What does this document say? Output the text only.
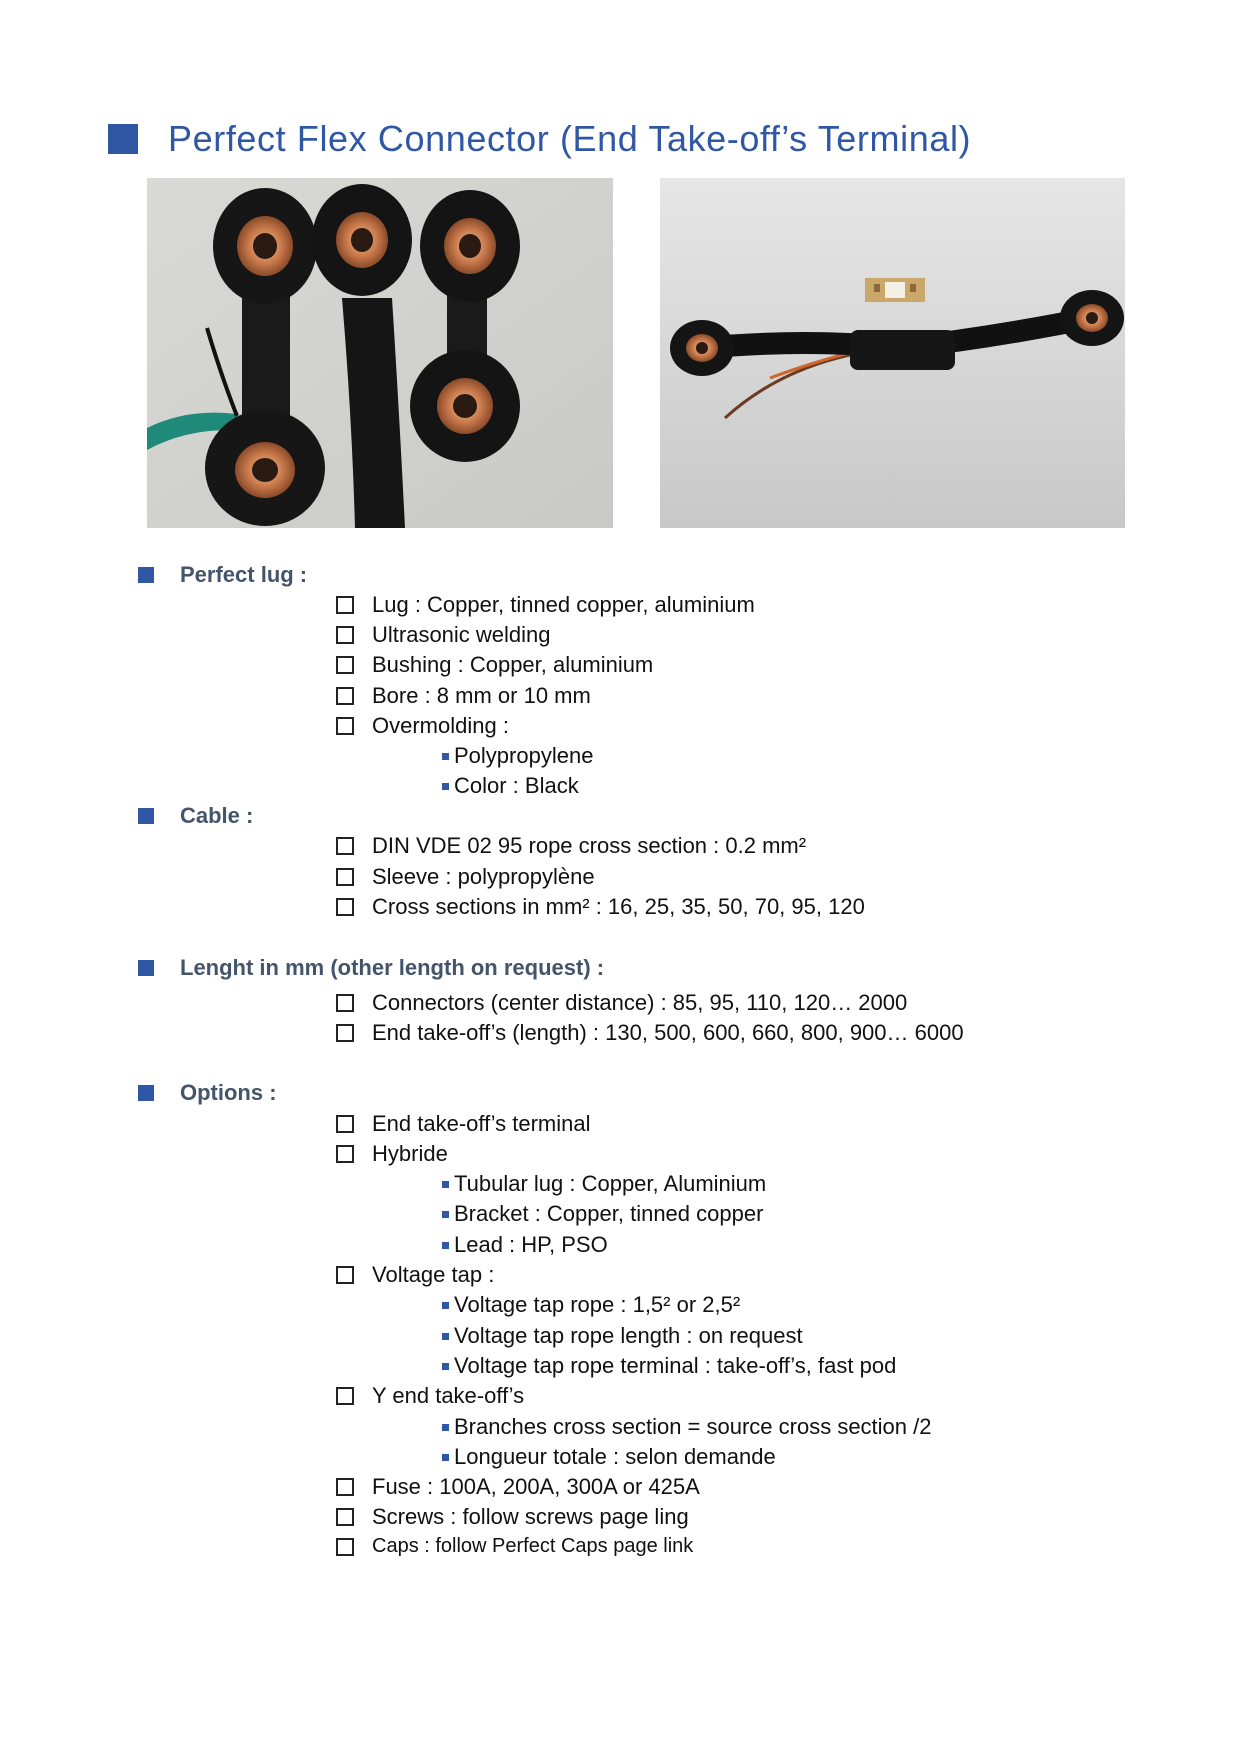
Perfect Flex Connector (End Take-off’s Terminal)
Perfect lug :
Lug : Copper, tinned copper, aluminium
Ultrasonic welding
Bushing : Copper, aluminium
Bore : 8 mm or 10 mm
Overmolding :
Polypropylene
Color : Black
Cable :
DIN VDE 02 95 rope cross section : 0.2 mm²
Sleeve : polypropylène
Cross sections in mm² : 16, 25, 35, 50, 70, 95, 120
Lenght in mm (other length on request) :
Connectors (center distance) : 85, 95, 110, 120… 2000
End take-off’s (length) : 130, 500, 600, 660, 800, 900… 6000
Options :
End take-off’s terminal
Hybride
Tubular lug : Copper, Aluminium
Bracket : Copper, tinned copper
Lead : HP, PSO
Voltage tap :
Voltage tap rope : 1,5² or 2,5²
Voltage tap rope length : on request
Voltage tap rope terminal : take-off’s, fast pod
Y end take-off’s
Branches cross section = source cross section /2
Longueur totale : selon demande
Fuse : 100A, 200A, 300A or 425A
Screws : follow screws page ling
Caps : follow Perfect Caps page link
